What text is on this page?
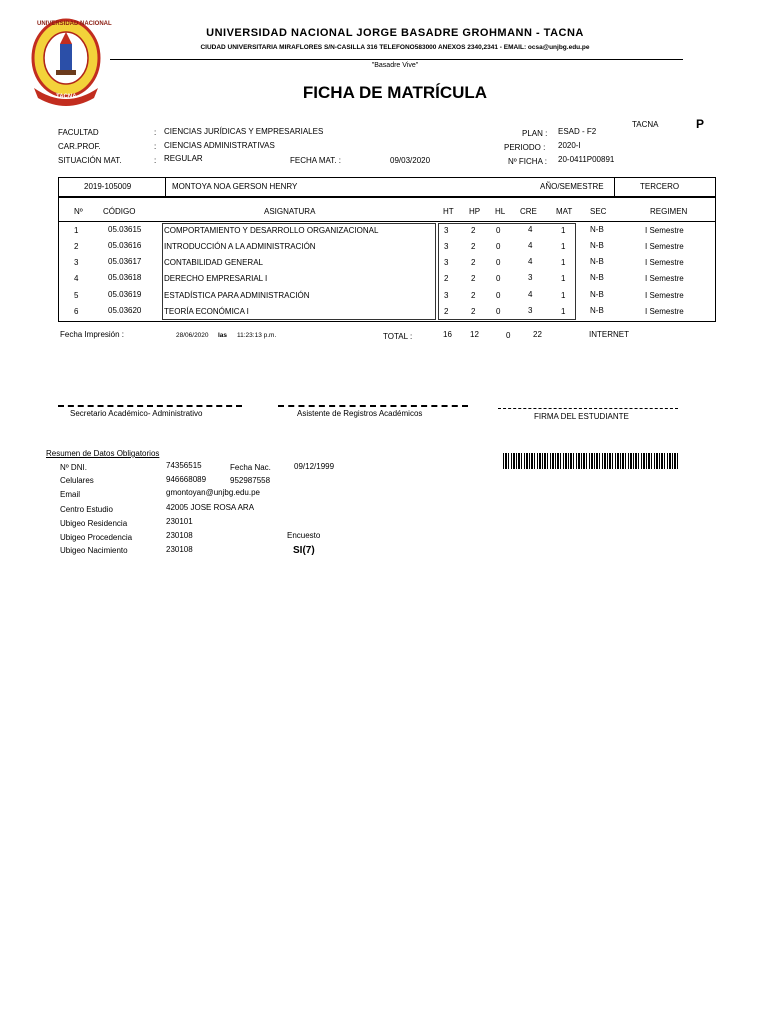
UNIVERSIDAD NACIONAL
TACNA
UNIVERSIDAD NACIONAL JORGE BASADRE GROHMANN - TACNA
CIUDAD UNIVERSITARIA MIRAFLORES S/N-CASILLA 316 TELEFONO583000 ANEXOS 2340,2341 - EMAIL: ocsa@unjbg.edu.pe
"Basadre Vive"
FICHA DE MATRÍCULA
TACNA	P
FACULTAD	: CIENCIAS JURÍDICAS Y EMPRESARIALES
CAR.PROF.	: CIENCIAS ADMINISTRATIVAS
SITUACIÓN MAT.	: REGULAR	FECHA MAT. :	09/03/2020
PLAN : ESAD - F2
PERIODO : 2020-I
Nº FICHA : 20-0411P00891
2019-105009	MONTOYA NOA GERSON HENRY	AÑO/SEMESTRE	TERCERO
Nº	CÓDIGO	ASIGNATURA	HT HP HL CRE MAT SEC	REGIMEN
1	05.03615	COMPORTAMIENTO Y DESARROLLO ORGANIZACIONAL	3	2	0	4	1	N-B	I Semestre
2	05.03616	INTRODUCCIÓN A LA ADMINISTRACIÓN	3	2	0	4	1	N-B	I Semestre
3	05.03617	CONTABILIDAD GENERAL	3	2	0	4	1	N-B	I Semestre
4	05.03618	DERECHO EMPRESARIAL I	2	2	0	3	1	N-B	I Semestre
5	05.03619	ESTADÍSTICA PARA ADMINISTRACIÓN	3	2	0	4	1	N-B	I Semestre
6	05.03620	TEORÍA ECONÓMICA I	2	2	0	3	1	N-B	I Semestre
Fecha Impresión :	28/06/2020 las 11:23:13 p.m.	TOTAL :	16 12	0	22	INTERNET
Secretario Académico- Administrativo	Asistente de Registros Académicos	FIRMA DEL ESTUDIANTE
Resumen de Datos Obligatorios
Nº DNI.	74356515	Fecha Nac.	09/12/1999
Celulares	946668089	952987558
Email	gmontoyan@unjbg.edu.pe
Centro Estudio	42005 JOSE ROSA ARA
Ubigeo Residencia	230101
Ubigeo Procedencia	230108	Encuesto
Ubigeo Nacimiento	230108	SI(7)
